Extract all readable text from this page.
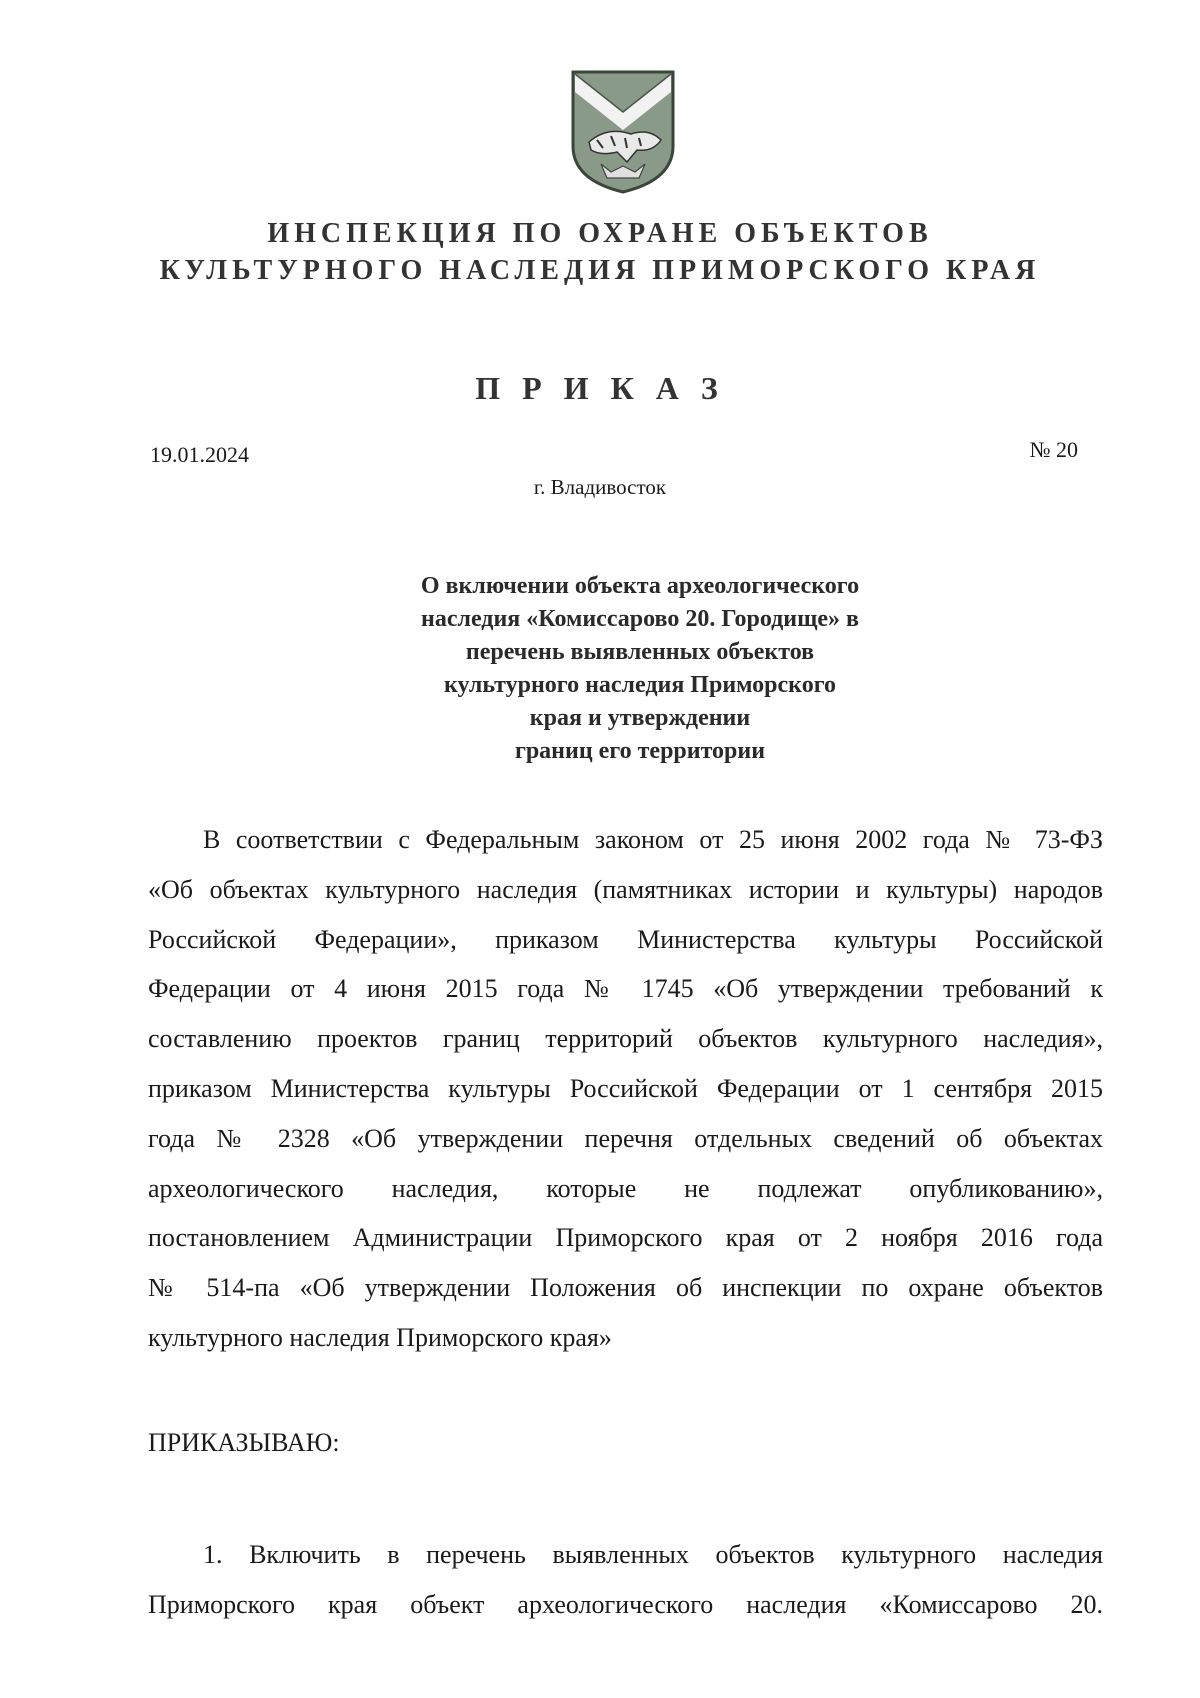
ИНСПЕКЦИЯ ПО ОХРАНЕ ОБЪЕКТОВ
КУЛЬТУРНОГО НАСЛЕДИЯ ПРИМОРСКОГО КРАЯ
П Р И К А З
19.01.2024	№ 20
г. Владивосток
О включении объекта археологического
наследия «Комиссарово 20. Городище» в
перечень выявленных объектов
культурного наследия Приморского
края и утверждении
границ его территории
В соответствии с Федеральным законом от 25 июня 2002 года № 73-ФЗ
«Об объектах культурного наследия (памятниках истории и культуры) народов
Российской Федерации», приказом Министерства культуры Российской
Федерации от 4 июня 2015 года № 1745 «Об утверждении требований к
составлению проектов границ территорий объектов культурного наследия»,
приказом Министерства культуры Российской Федерации от 1 сентября 2015
года № 2328 «Об утверждении перечня отдельных сведений об объектах
археологического наследия, которые не подлежат опубликованию»,
постановлением Администрации Приморского края от 2 ноября 2016 года
№ 514-па «Об утверждении Положения об инспекции по охране объектов
культурного наследия Приморского края»
ПРИКАЗЫВАЮ:
1. Включить в перечень выявленных объектов культурного наследия
Приморского края объект археологического наследия «Комиссарово 20.
